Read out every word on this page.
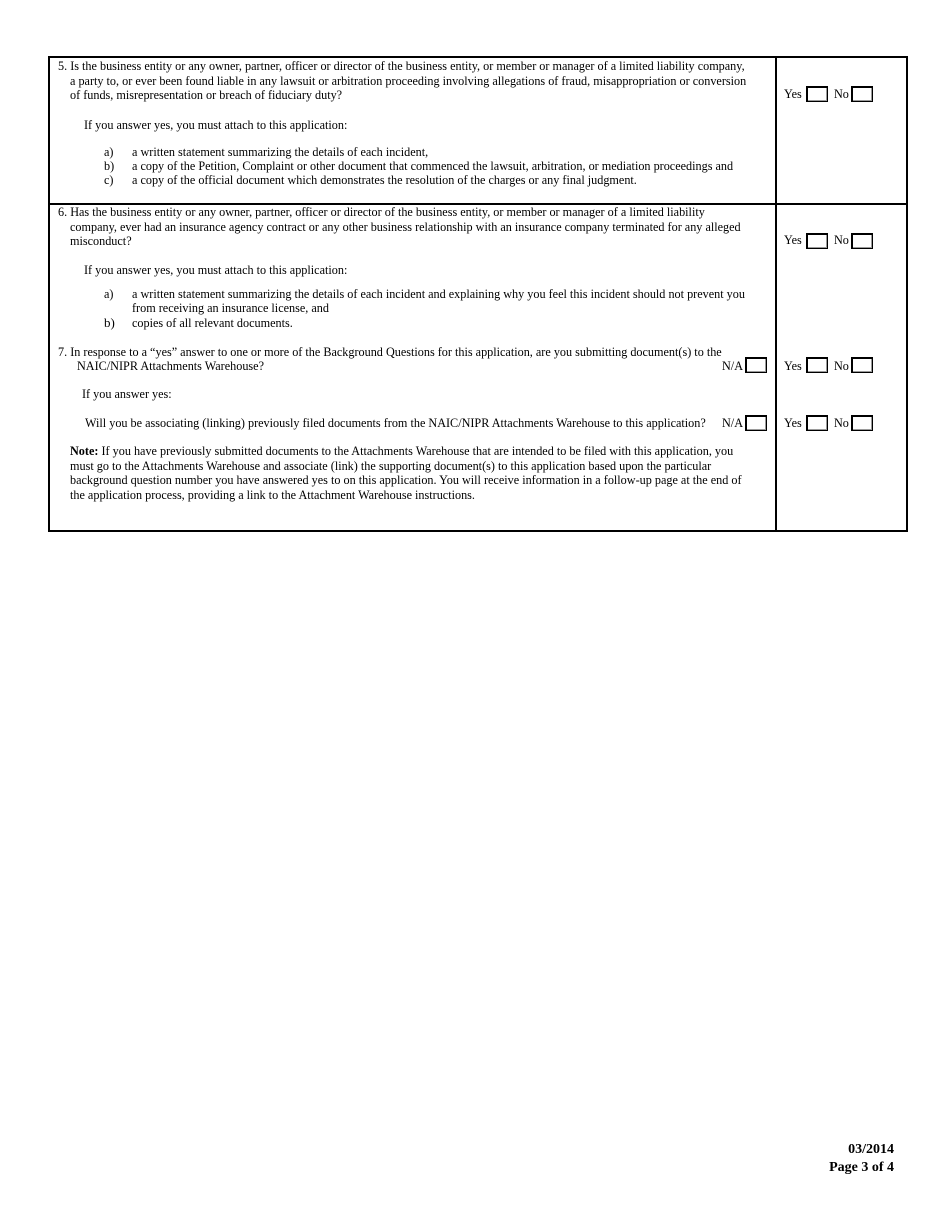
5. Is the business entity or any owner, partner, officer or director of the business entity, or member or manager of a limited liability company,
a party to, or ever been found liable in any lawsuit or arbitration proceeding involving allegations of fraud, misappropriation or conversion
of funds, misrepresentation or breach of fiduciary duty?	Yes	No
If you answer yes, you must attach to this application:
a) a written statement summarizing the details of each incident,
b) a copy of the Petition, Complaint or other document that commenced the lawsuit, arbitration, or mediation proceedings and
c) a copy of the official document which demonstrates the resolution of the charges or any final judgment.
6. Has the business entity or any owner, partner, officer or director of the business entity, or member or manager of a limited liability
company, ever had an insurance agency contract or any other business relationship with an insurance company terminated for any alleged
misconduct?	Yes	No
If you answer yes, you must attach to this application:
a) a written statement summarizing the details of each incident and explaining why you feel this incident should not prevent you
from receiving an insurance license, and
b) copies of all relevant documents.
7. In response to a “yes” answer to one or more of the Background Questions for this application, are you submitting document(s) to the
NAIC/NIPR Attachments Warehouse?	N/A	Yes	No
If you answer yes:
Will you be associating (linking) previously filed documents from the NAIC/NIPR Attachments Warehouse to this application? N/A	Yes	No
Note: If you have previously submitted documents to the Attachments Warehouse that are intended to be filed with this application, you
must go to the Attachments Warehouse and associate (link) the supporting document(s) to this application based upon the particular
background question number you have answered yes to on this application. You will receive information in a follow-up page at the end of
the application process, providing a link to the Attachment Warehouse instructions.
03/2014
Page 3 of 4
